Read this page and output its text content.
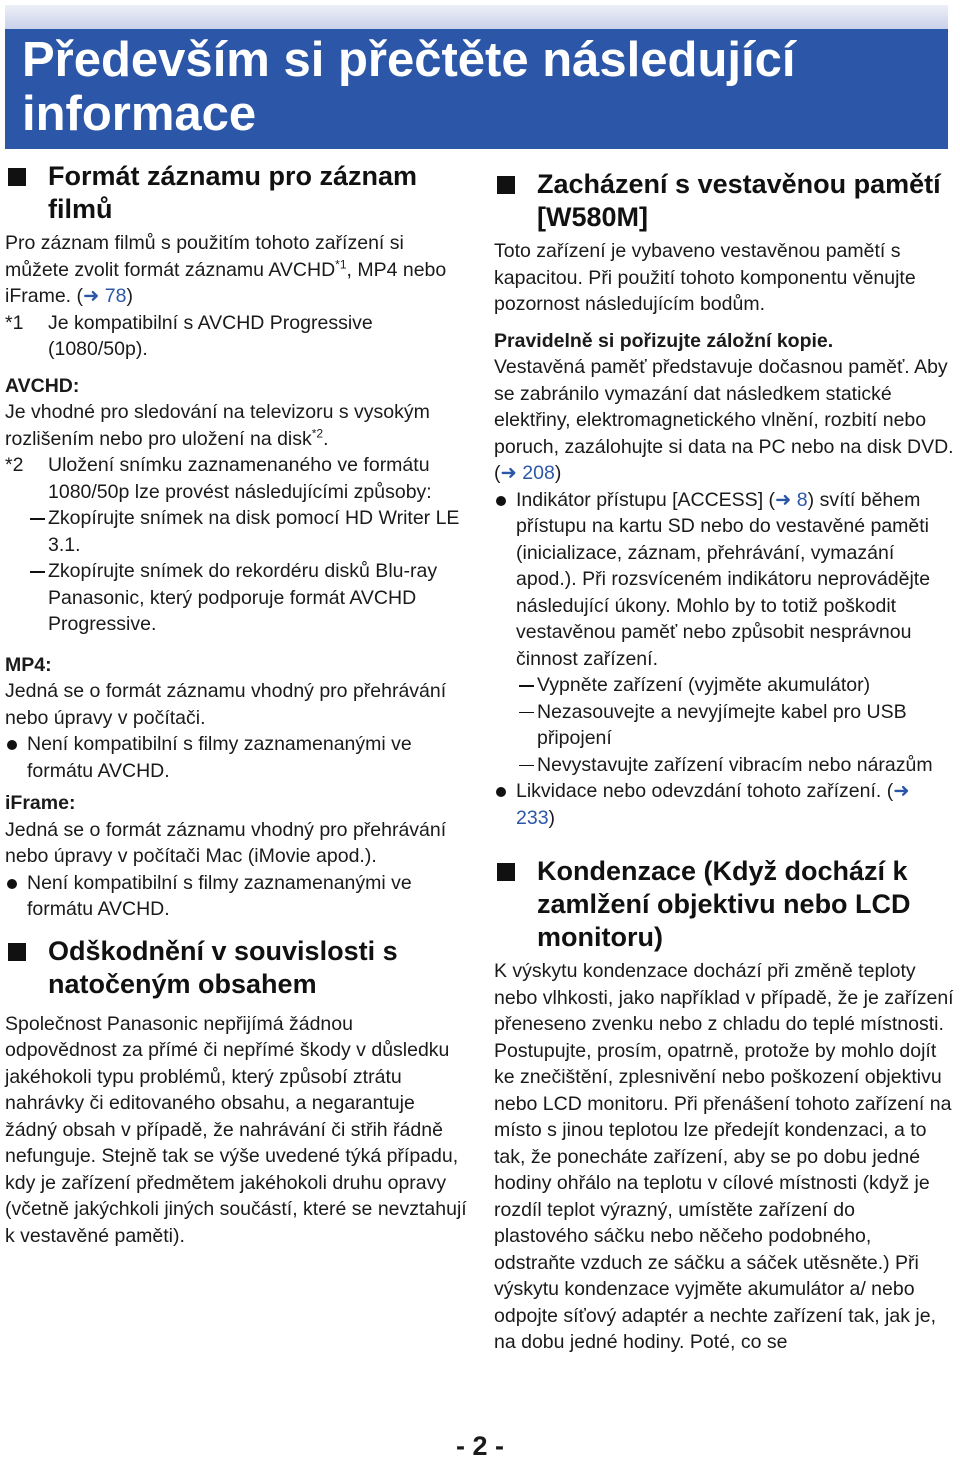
Především si přečtěte následující informace
Formát záznamu pro záznam filmů

Pro záznam filmů s použitím tohoto zařízení si můžete zvolit formát záznamu AVCHD$^{*1}$, MP4 nebo iFrame. (➜ 78)

*1 Je kompatibilní s AVCHD Progressive (1080/50p).

AVCHD:

Je vhodné pro sledování na televizoru s vysokým rozlišením nebo pro uložení na disk$^{*2}$.

*2 Uložení snímku zaznamenaného ve formátu 1080/50p lze provést následujícími způsoby:
Zkopírujte snímek na disk pomocí HD Writer LE 3.1.
Zkopírujte snímek do rekordéru disků Blu-ray Panasonic, který podporuje formát AVCHD Progressive.

MP4:

Jedná se o formát záznamu vhodný pro přehrávání nebo úpravy v počítači.

Není kompatibilní s filmy zaznamenanými ve formátu AVCHD.

iFrame:

Jedná se o formát záznamu vhodný pro přehrávání nebo úpravy v počítači Mac (iMovie apod.).

Není kompatibilní s filmy zaznamenanými ve formátu AVCHD.
Odškodnění v souvislosti s natočeným obsahem

Společnost Panasonic nepřijímá žádnou odpovědnost za přímé či nepřímé škody v důsledku jakéhokoli typu problémů, který způsobí ztrátu nahrávky či editovaného obsahu, a negarantuje žádný obsah v případě, že nahrávání či střih řádně nefunguje. Stejně tak se výše uvedené týká případu, kdy je zařízení předmětem jakéhokoli druhu opravy (včetně jakýchkoli jiných součástí, které se nevztahují k vestavěné paměti).

Zacházení s vestavěnou pamětí [W580M]

Toto zařízení je vybaveno vestavěnou pamětí s kapacitou. Při použití tohoto komponentu věnujte pozornost následujícím bodům.

Pravidelně si pořizujte záložní kopie.

Vestavěná paměť představuje dočasnou paměť. Aby se zabránilo vymazání dat následkem statické elektřiny, elektromagnetického vlnění, rozbití nebo poruch, zazálohujte si data na PC nebo na disk DVD. (➜ 208)

Indikátor přístupu [ACCESS] (➜ 8) svítí během přístupu na kartu SD nebo do vestavěné paměti (inicializace, záznam, přehrávání, vymazání apod.). Při rozsvíceném indikátoru neprovádějte následující úkony. Mohlo by to totiž poškodit vestavěnou paměť nebo způsobit nesprávnou činnost zařízení.
Vypněte zařízení (vyjměte akumulátor)
Nezasouvejte a nevyjímejte kabel pro USB připojení
Nevystavujte zařízení vibracím nebo nárazům
Likvidace nebo odevzdání tohoto zařízení. (➜ 233)
Kondenzace (Když dochází k zamlžení objektivu nebo LCD monitoru)

K výskytu kondenzace dochází při změně teploty nebo vlhkosti, jako například v případě, že je zařízení přeneseno zvenku nebo z chladu do teplé místnosti. Postupujte, prosím, opatrně, protože by mohlo dojít ke znečištění, zplesnivění nebo poškození objektivu nebo LCD monitoru. Při přenášení tohoto zařízení na místo s jinou teplotou lze předejít kondenzaci, a to tak, že ponecháte zařízení, aby se po dobu jedné hodiny ohřálo na teplotu v cílové místnosti (když je rozdíl teplot výrazný, umístěte zařízení do plastového sáčku nebo něčeho podobného, odstraňte vzduch ze sáčku a sáček utěsněte.) Při výskytu kondenzace vyjměte akumulátor a/ nebo odpojte síťový adaptér a nechte zařízení tak, jak je, na dobu jedné hodiny. Poté, co se

- 2 -
